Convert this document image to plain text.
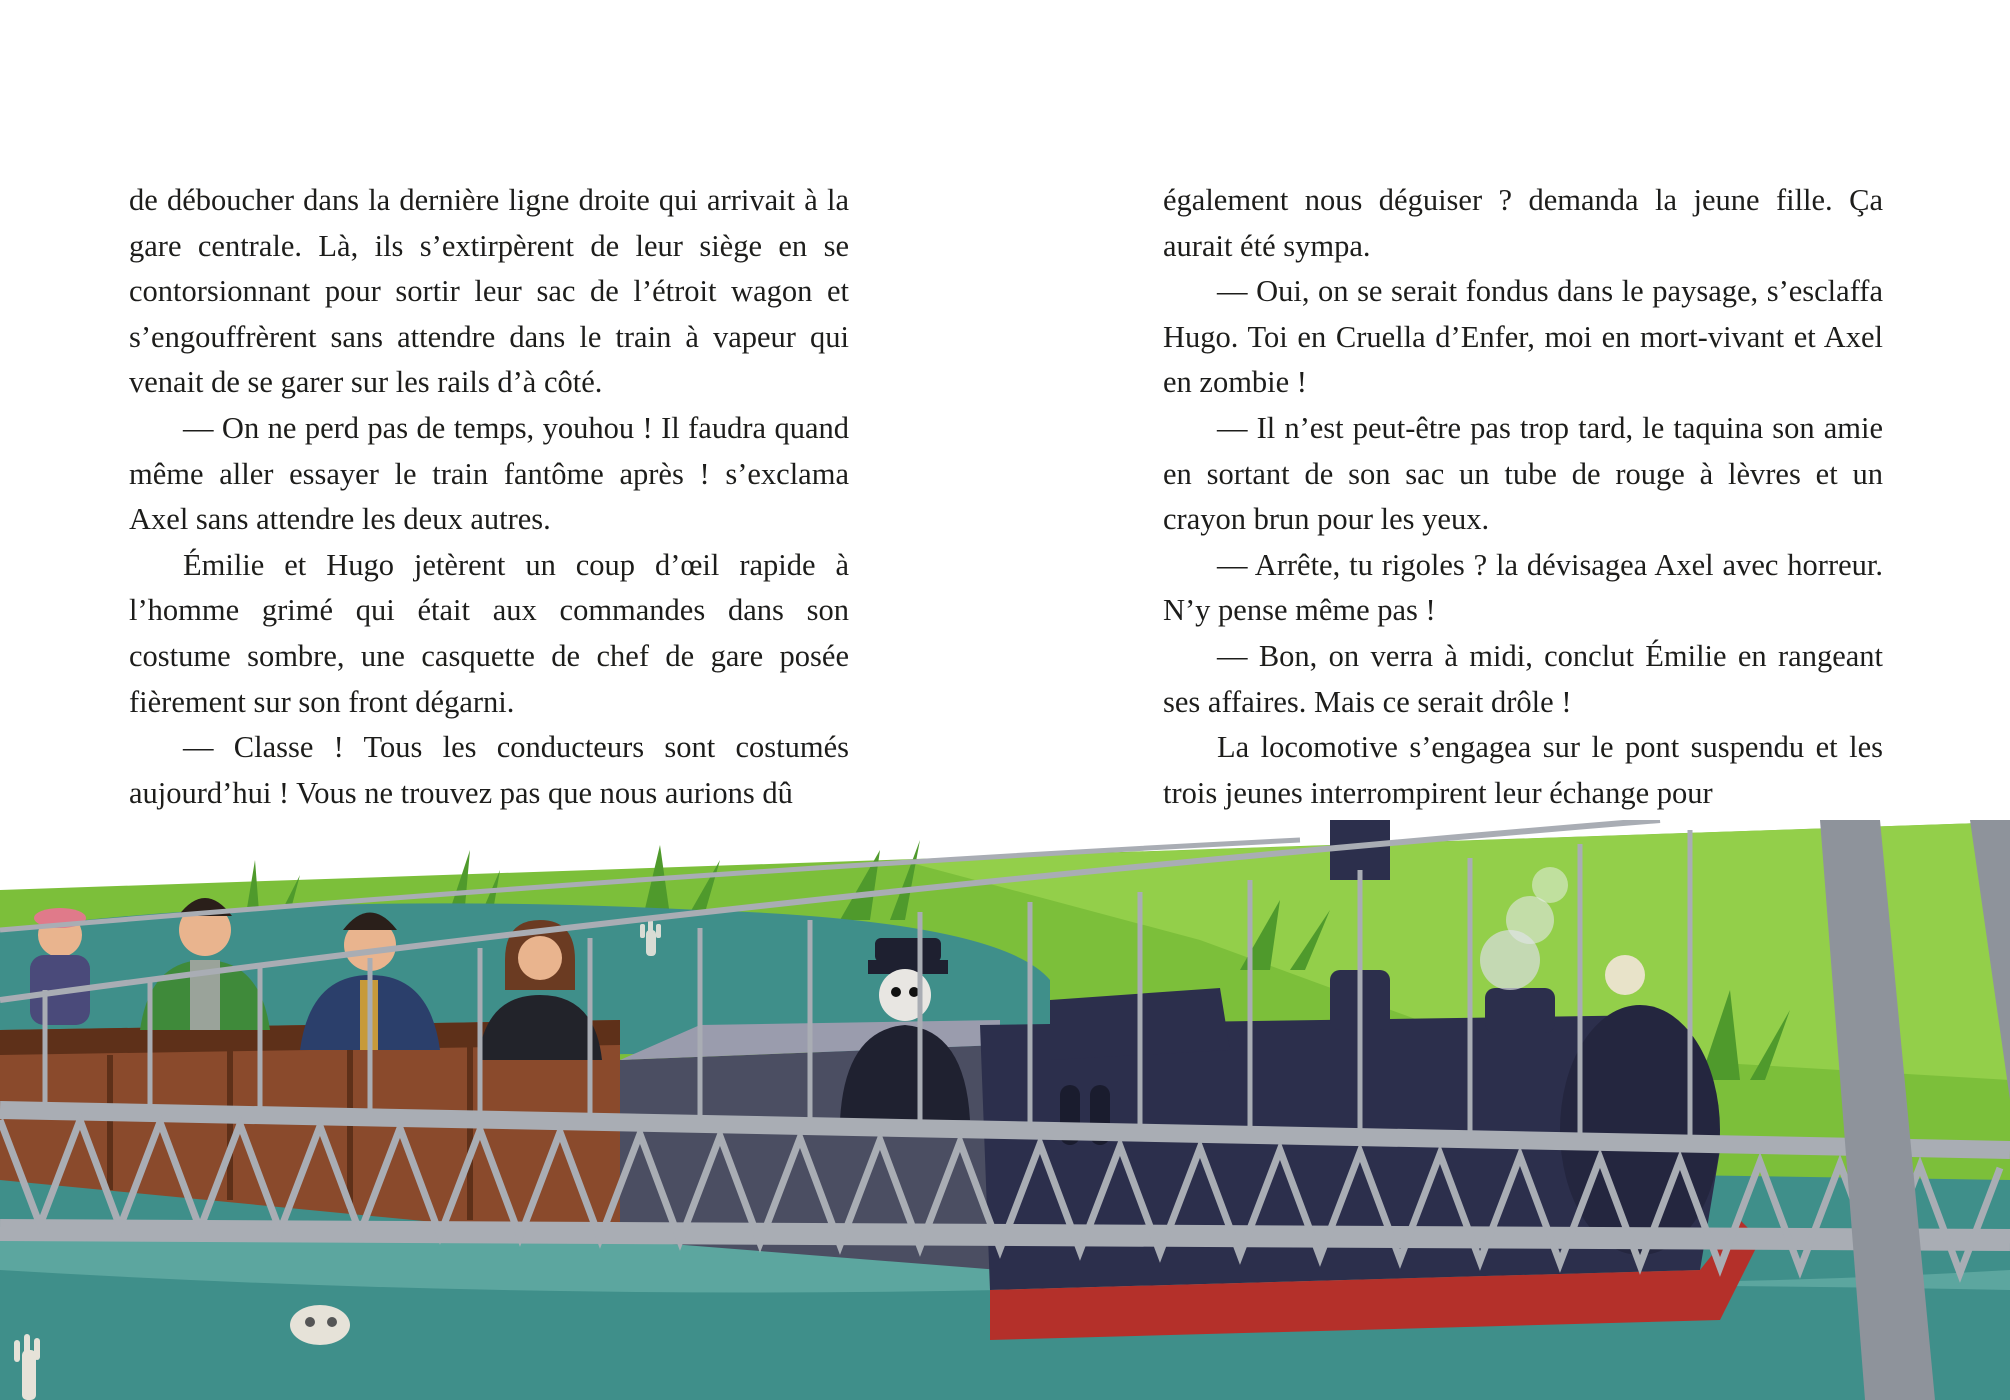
de déboucher dans la dernière ligne droite qui arrivait à la gare centrale. Là, ils s’extirpèrent de leur siège en se contorsionnant pour sortir leur sac de l’étroit wagon et s’engouffrèrent sans attendre dans le train à vapeur qui venait de se garer sur les rails d’à côté.

— On ne perd pas de temps, youhou ! Il faudra quand même aller essayer le train fantôme après ! s’exclama Axel sans attendre les deux autres.

Émilie et Hugo jetèrent un coup d’œil rapide à l’homme grimé qui était aux commandes dans son costume sombre, une casquette de chef de gare posée fièrement sur son front dégarni.

— Classe ! Tous les conducteurs sont costumés aujourd’hui ! Vous ne trouvez pas que nous aurions dû

également nous déguiser ? demanda la jeune fille. Ça aurait été sympa.

— Oui, on se serait fondus dans le paysage, s’esclaffa Hugo. Toi en Cruella d’Enfer, moi en mort-vivant et Axel en zombie !

— Il n’est peut-être pas trop tard, le taquina son amie en sortant de son sac un tube de rouge à lèvres et un crayon brun pour les yeux.

— Arrête, tu rigoles ? la dévisagea Axel avec horreur. N’y pense même pas !

— Bon, on verra à midi, conclut Émilie en rangeant ses affaires. Mais ce serait drôle !

La locomotive s’engagea sur le pont suspendu et les trois jeunes interrompirent leur échange pour
